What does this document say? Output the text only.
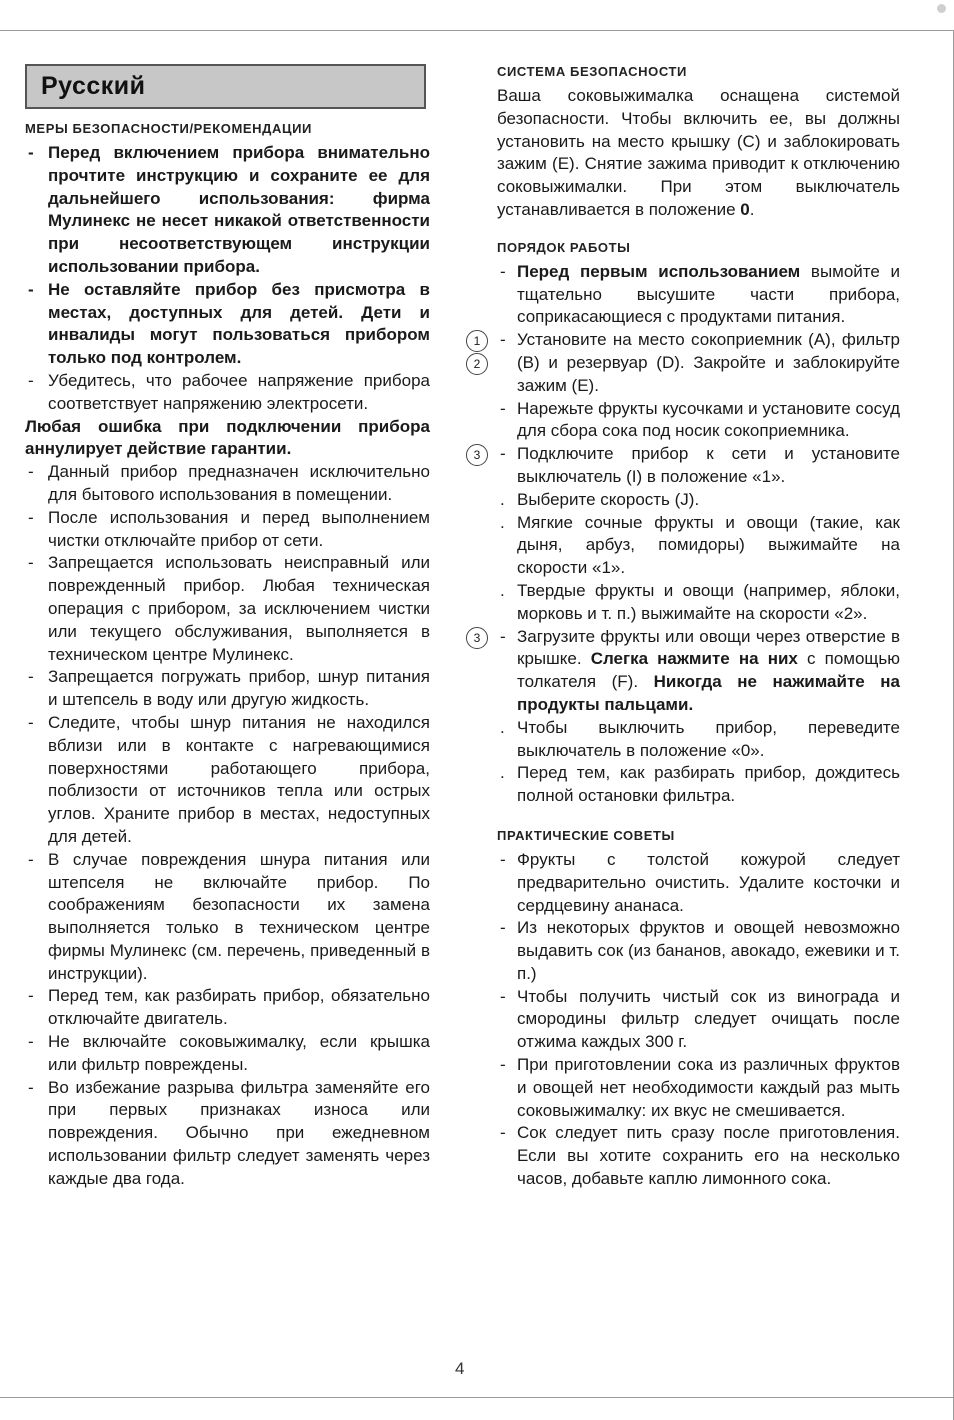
Русский
МЕРЫ БЕЗОПАСНОСТИ/РЕКОМЕНДАЦИИ
- Перед включением прибора внимательно прочтите инструкцию и сохраните ее для дальнейшего использования: фирма Мулинекс не несет никакой ответственности при несоответствующем инструкции использовании прибора.
- Не оставляйте прибор без присмотра в местах, доступных для детей. Дети и инвалиды могут пользоваться прибором только под контролем.
- Убедитесь, что рабочее напряжение прибора соответствует напряжению электросети.
Любая ошибка при подключении прибора аннулирует действие гарантии.
- Данный прибор предназначен исключительно для бытового использования в помещении.
- После использования и перед выполнением чистки отключайте прибор от сети.
- Запрещается использовать неисправный или поврежденный прибор. Любая техническая операция с прибором, за исключением чистки или текущего обслуживания, выполняется в техническом центре Мулинекс.
- Запрещается погружать прибор, шнур питания и штепсель в воду или другую жидкость.
- Следите, чтобы шнур питания не находился вблизи или в контакте с нагревающимися поверхностями работающего прибора, поблизости от источников тепла или острых углов. Храните прибор в местах, недоступных для детей.
- В случае повреждения шнура питания или штепселя не включайте прибор. По соображениям безопасности их замена выполняется только в техническом центре фирмы Мулинекс (см. перечень, приведенный в инструкции).
- Перед тем, как разбирать прибор, обязательно отключайте двигатель.
- Не включайте соковыжималку, если крышка или фильтр повреждены.
- Во избежание разрыва фильтра заменяйте его при первых признаках износа или повреждения. Обычно при ежедневном использовании фильтр следует заменять через каждые два года.
СИСТЕМА БЕЗОПАСНОСТИ
Ваша соковыжималка оснащена системой безопасности. Чтобы включить ее, вы должны установить на место крышку (С) и заблокировать зажим (Е). Снятие зажима приводит к отключению соковыжималки. При этом выключатель устанавливается в положение 0.
ПОРЯДОК РАБОТЫ
- Перед первым использованием вымойте и тщательно высушите части прибора, соприкасающиеся с продуктами питания.
1
2
- Установите на место сокоприемник (А), фильтр (В) и резервуар (D). Закройте и заблокируйте зажим (Е).
- Нарежьте фрукты кусочками и установите сосуд для сбора сока под носик сокоприемника.
3	- Подключите прибор к сети и установите выключатель (I) в положение «1».
. Выберите скорость (J).
. Мягкие сочные фрукты и овощи (такие, как дыня, арбуз, помидоры) выжимайте на скорости «1».
. Твердые фрукты и овощи (например, яблоки, морковь и т. п.) выжимайте на скорости «2».
3	- Загрузите фрукты или овощи через отверстие в крышке. Слегка нажмите на них с помощью толкателя (F). Никогда не нажимайте на продукты пальцами.
. Чтобы выключить прибор, переведите выключатель в положение «0».
. Перед тем, как разбирать прибор, дождитесь полной остановки фильтра.
ПРАКТИЧЕСКИЕ СОВЕТЫ
- Фрукты с толстой кожурой следует предварительно очистить. Удалите косточки и сердцевину ананаса.
- Из некоторых фруктов и овощей невозможно выдавить сок (из бананов, авокадо, ежевики и т. п.)
- Чтобы получить чистый сок из винограда и смородины фильтр следует очищать после отжима каждых 300 г.
- При приготовлении сока из различных фруктов и овощей нет необходимости каждый раз мыть соковыжималку: их вкус не смешивается.
- Сок следует пить сразу после приготовления. Если вы хотите сохранить его на несколько часов, добавьте каплю лимонного сока.
4
